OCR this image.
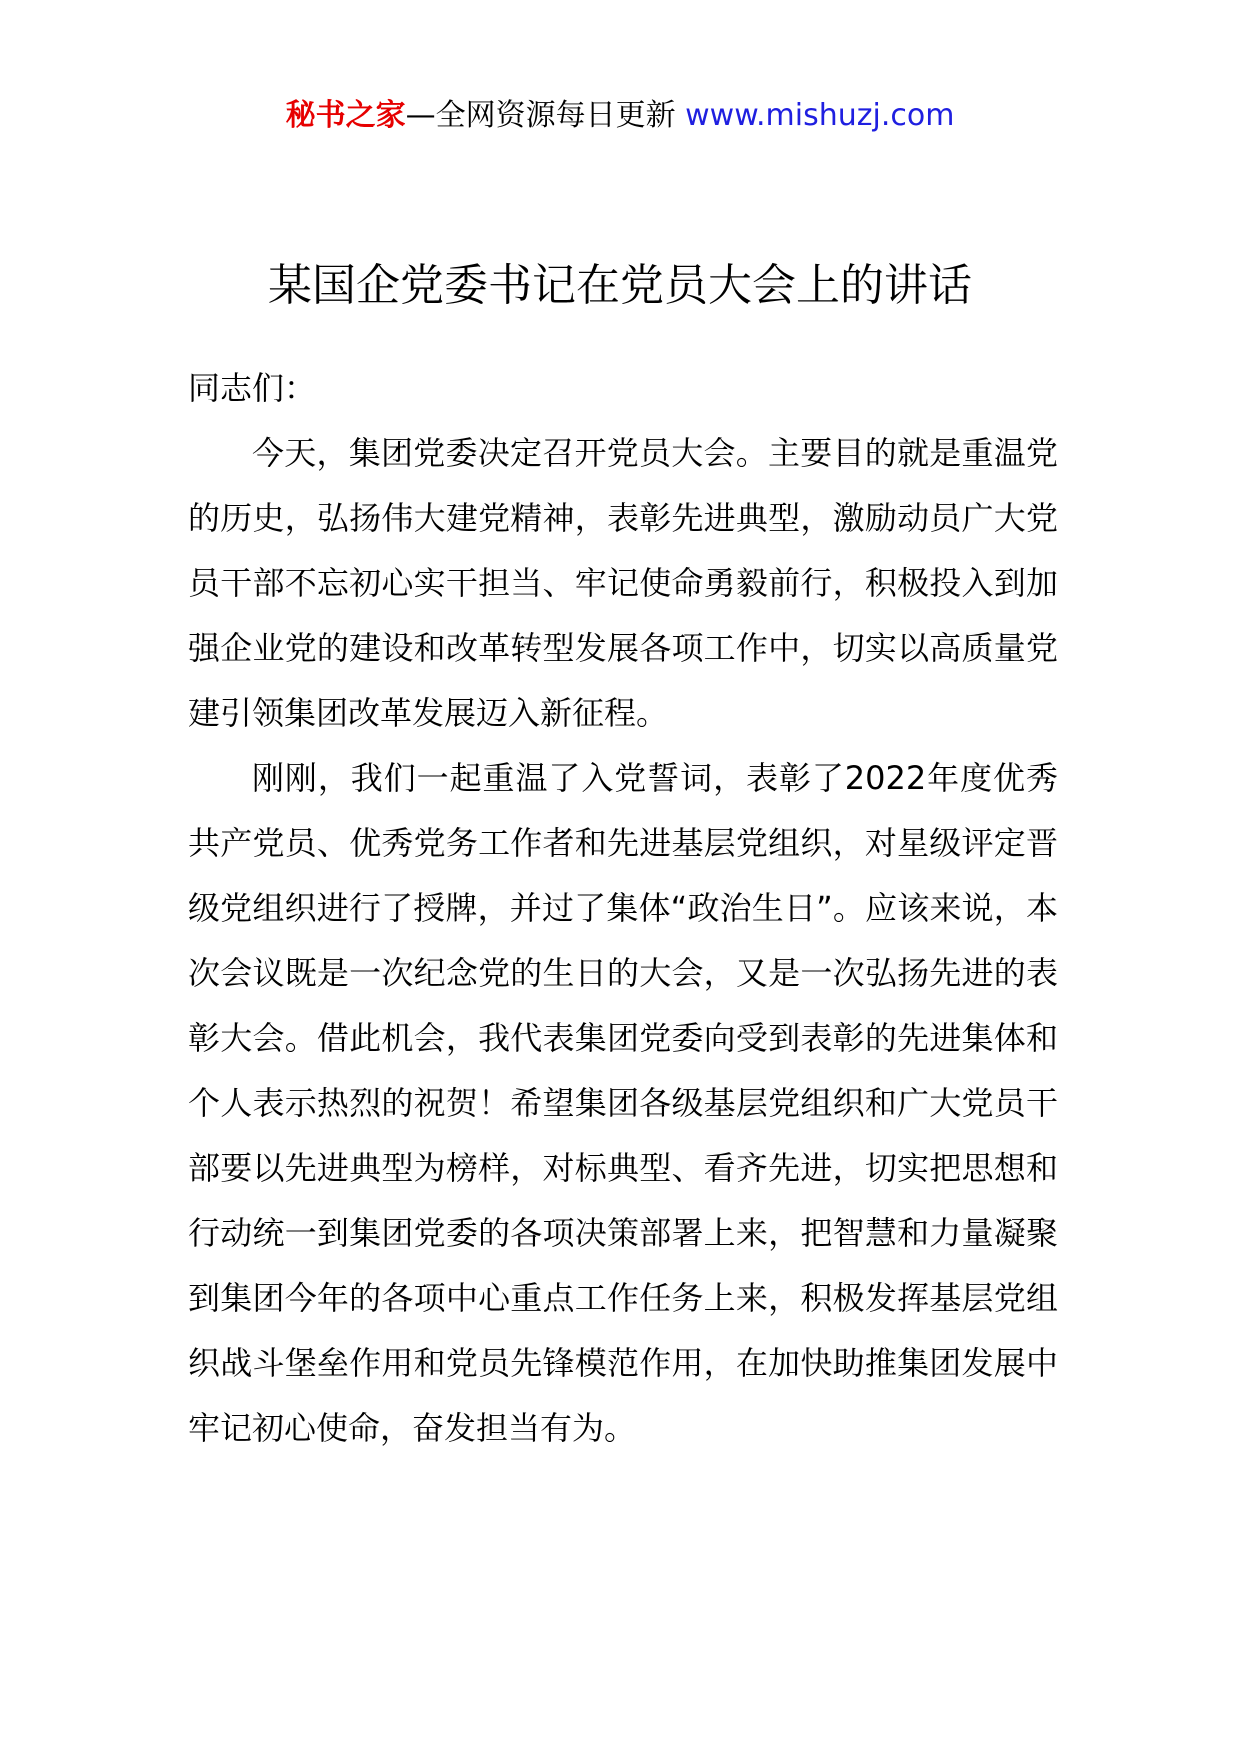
秘书之家—全网资源每日更新 www.mishuzj.com
某国企党委书记在党员大会上的讲话

同志们：

今天，集团党委决定召开党员大会。主要目的就是重温党的历史，弘扬伟大建党精神，表彰先进典型，激励动员广大党员干部不忘初心实干担当、牢记使命勇毅前行，积极投入到加强企业党的建设和改革转型发展各项工作中，切实以高质量党建引领集团改革发展迈入新征程。

刚刚，我们一起重温了入党誓词，表彰了2022年度优秀共产党员、优秀党务工作者和先进基层党组织，对星级评定晋级党组织进行了授牌，并过了集体“政治生日”。应该来说，本次会议既是一次纪念党的生日的大会，又是一次弘扬先进的表彰大会。借此机会，我代表集团党委向受到表彰的先进集体和个人表示热烈的祝贺！希望集团各级基层党组织和广大党员干部要以先进典型为榜样，对标典型、看齐先进，切实把思想和行动统一到集团党委的各项决策部署上来，把智慧和力量凝聚到集团今年的各项中心重点工作任务上来，积极发挥基层党组织战斗堡垒作用和党员先锋模范作用，在加快助推集团发展中牢记初心使命，奋发担当有为。
